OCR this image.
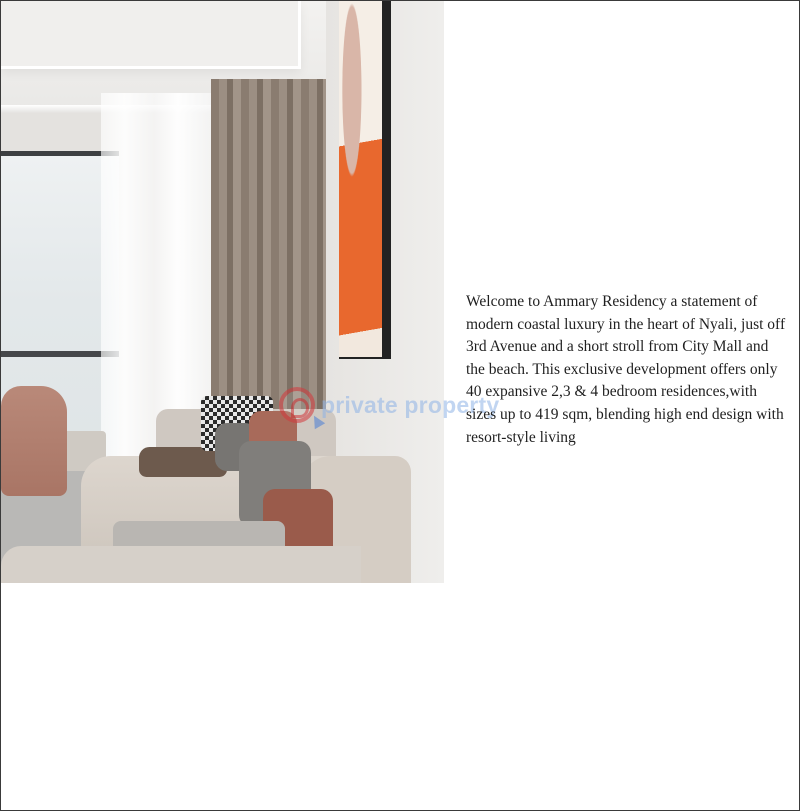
private property

Welcome to Ammary Residency a statement of modern coastal luxury in the heart of Nyali, just off 3rd Avenue and a short stroll from City Mall and the beach. This exclusive development offers only 40 expansive 2,3 & 4 bedroom residences,with sizes up to 419 sqm, blending high end design with resort-style living
